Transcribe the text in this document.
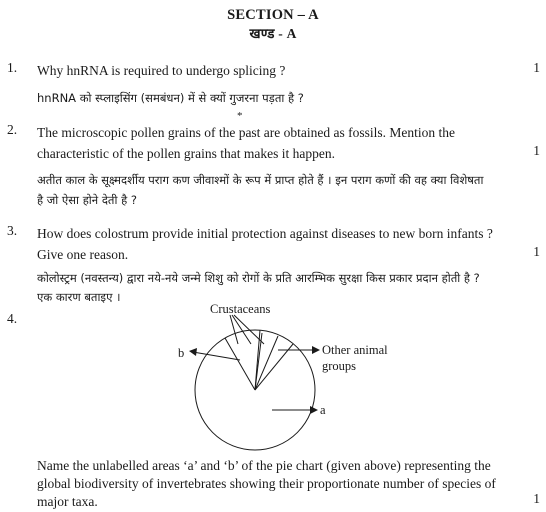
SECTION – A
खण्ड - A
1. Why hnRNA is required to undergo splicing ?	1
hnRNA को स्प्लाइसिंग (समबंधन) में से क्यों गुजरना पड़ता है ?
*
2. The microscopic pollen grains of the past are obtained as fossils. Mention the
characteristic of the pollen grains that makes it happen.	1
अतीत काल के सूक्ष्मदर्शीय पराग कण जीवाश्मों के रूप में प्राप्त होते हैं । इन पराग कणों की वह क्या विशेषता
है जो ऐसा होने देती है ?
3. How does colostrum provide initial protection against diseases to new born infants ?
Give one reason.	1
कोलोस्ट्रम (नवस्तन्य) द्वारा नये-नये जन्मे शिशु को रोगों के प्रति आरम्भिक सुरक्षा किस प्रकार प्रदान होती है ?
एक कारण बताइए ।
4.
Crustaceans
b	Other animal
groups
a
Name the unlabelled areas ‘a’ and ‘b’ of the pie chart (given above) representing the
global biodiversity of invertebrates showing their proportionate number of species of
major taxa.	1
